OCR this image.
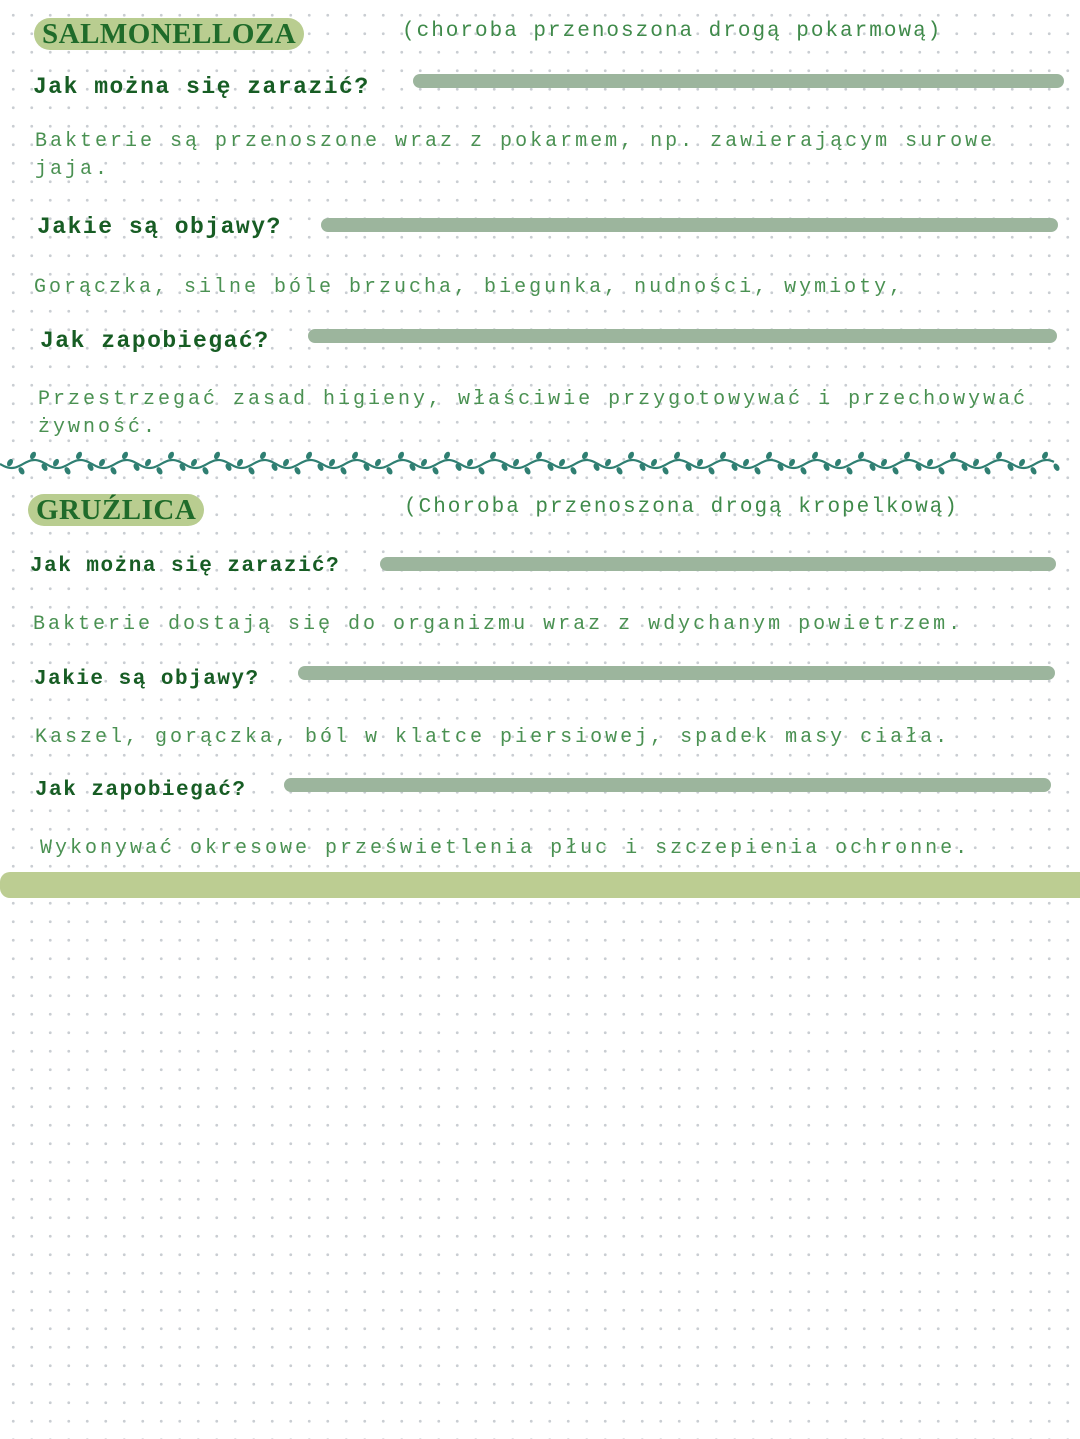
SALMONELLOZA	(choroba przenoszona drogą pokarmową)
Jak można się zarazić?
Bakterie są przenoszone wraz z pokarmem, np. zawierającym surowe jaja.
Jakie są objawy?
Gorączka, silne bóle brzucha, biegunka, nudności, wymioty,
Jak zapobiegać?
Przestrzegać zasad higieny, właściwie przygotowywać i przechowywać żywność.
GRUŹLICA	(Choroba przenoszona drogą kropelkową)
Jak można się zarazić?
Bakterie dostają się do organizmu wraz z wdychanym powietrzem.
Jakie są objawy?
Kaszel, gorączka, ból w klatce piersiowej, spadek masy ciała.
Jak zapobiegać?
Wykonywać okresowe prześwietlenia płuc i szczepienia ochronne.
